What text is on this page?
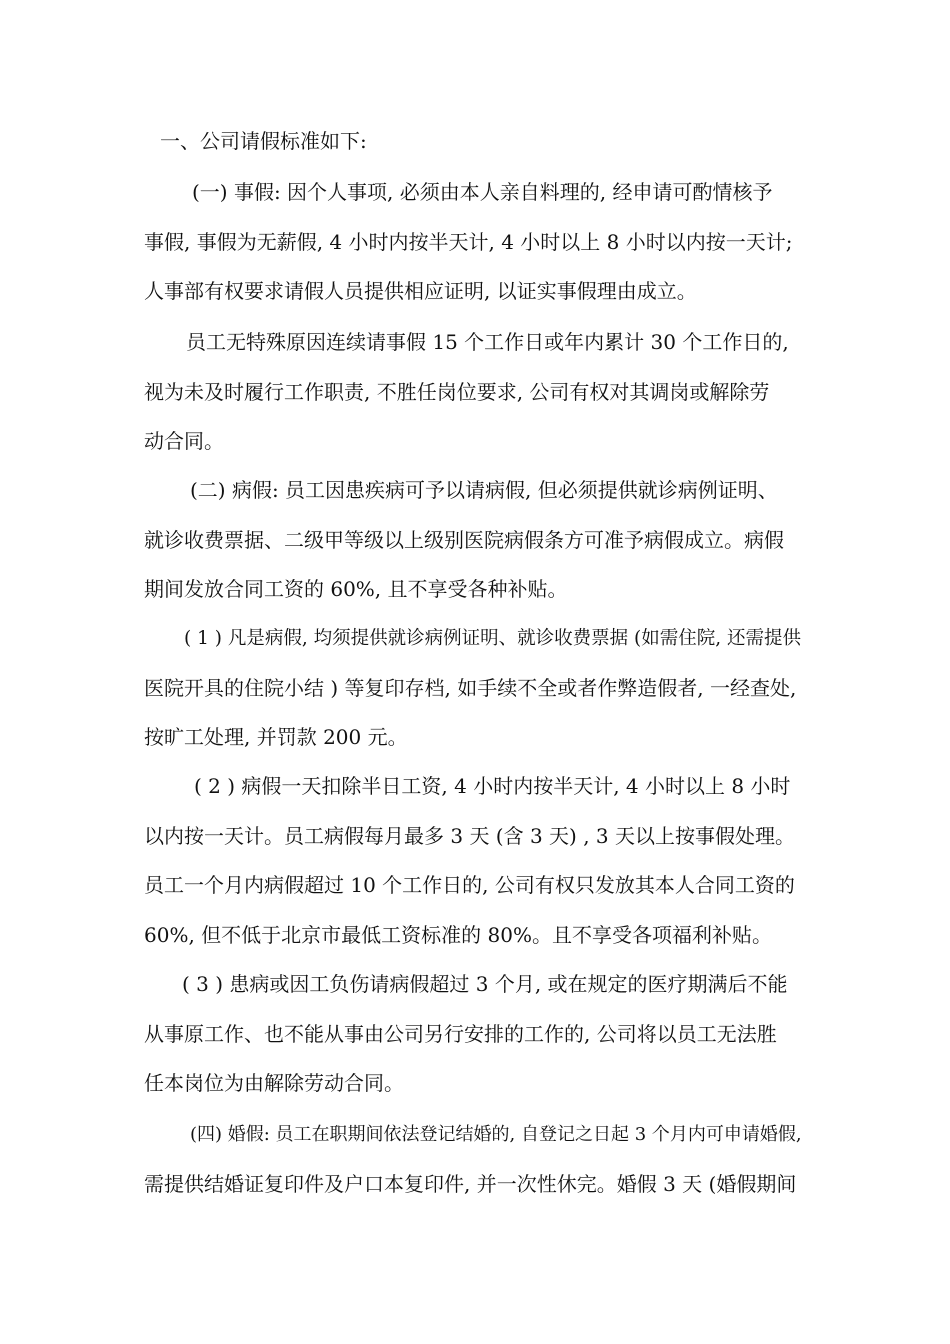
一、公司请假标准如下:
(一) 事假: 因个人事项, 必须由本人亲自料理的, 经申请可酌情核予
事假, 事假为无薪假, 4 小时内按半天计, 4 小时以上 8 小时以内按一天计;
人事部有权要求请假人员提供相应证明, 以证实事假理由成立。
员工无特殊原因连续请事假 15 个工作日或年内累计 30 个工作日的,
视为未及时履行工作职责, 不胜任岗位要求, 公司有权对其调岗或解除劳
动合同。
(二) 病假: 员工因患疾病可予以请病假, 但必须提供就诊病例证明、
就诊收费票据、二级甲等级以上级别医院病假条方可准予病假成立。病假
期间发放合同工资的 60%, 且不享受各种补贴。
( 1 ) 凡是病假, 均须提供就诊病例证明、就诊收费票据 (如需住院, 还需提供
医院开具的住院小结 ) 等复印存档, 如手续不全或者作弊造假者, 一经查处,
按旷工处理, 并罚款 200 元。
( 2 ) 病假一天扣除半日工资, 4 小时内按半天计, 4 小时以上 8 小时
以内按一天计。员工病假每月最多 3 天 (含 3 天) , 3 天以上按事假处理。
员工一个月内病假超过 10 个工作日的, 公司有权只发放其本人合同工资的
60%, 但不低于北京市最低工资标准的 80%。且不享受各项福利补贴。
( 3 ) 患病或因工负伤请病假超过 3 个月, 或在规定的医疗期满后不能
从事原工作、也不能从事由公司另行安排的工作的, 公司将以员工无法胜
任本岗位为由解除劳动合同。
(四) 婚假: 员工在职期间依法登记结婚的, 自登记之日起 3 个月内可申请婚假,
需提供结婚证复印件及户口本复印件, 并一次性休完。婚假 3 天 (婚假期间
